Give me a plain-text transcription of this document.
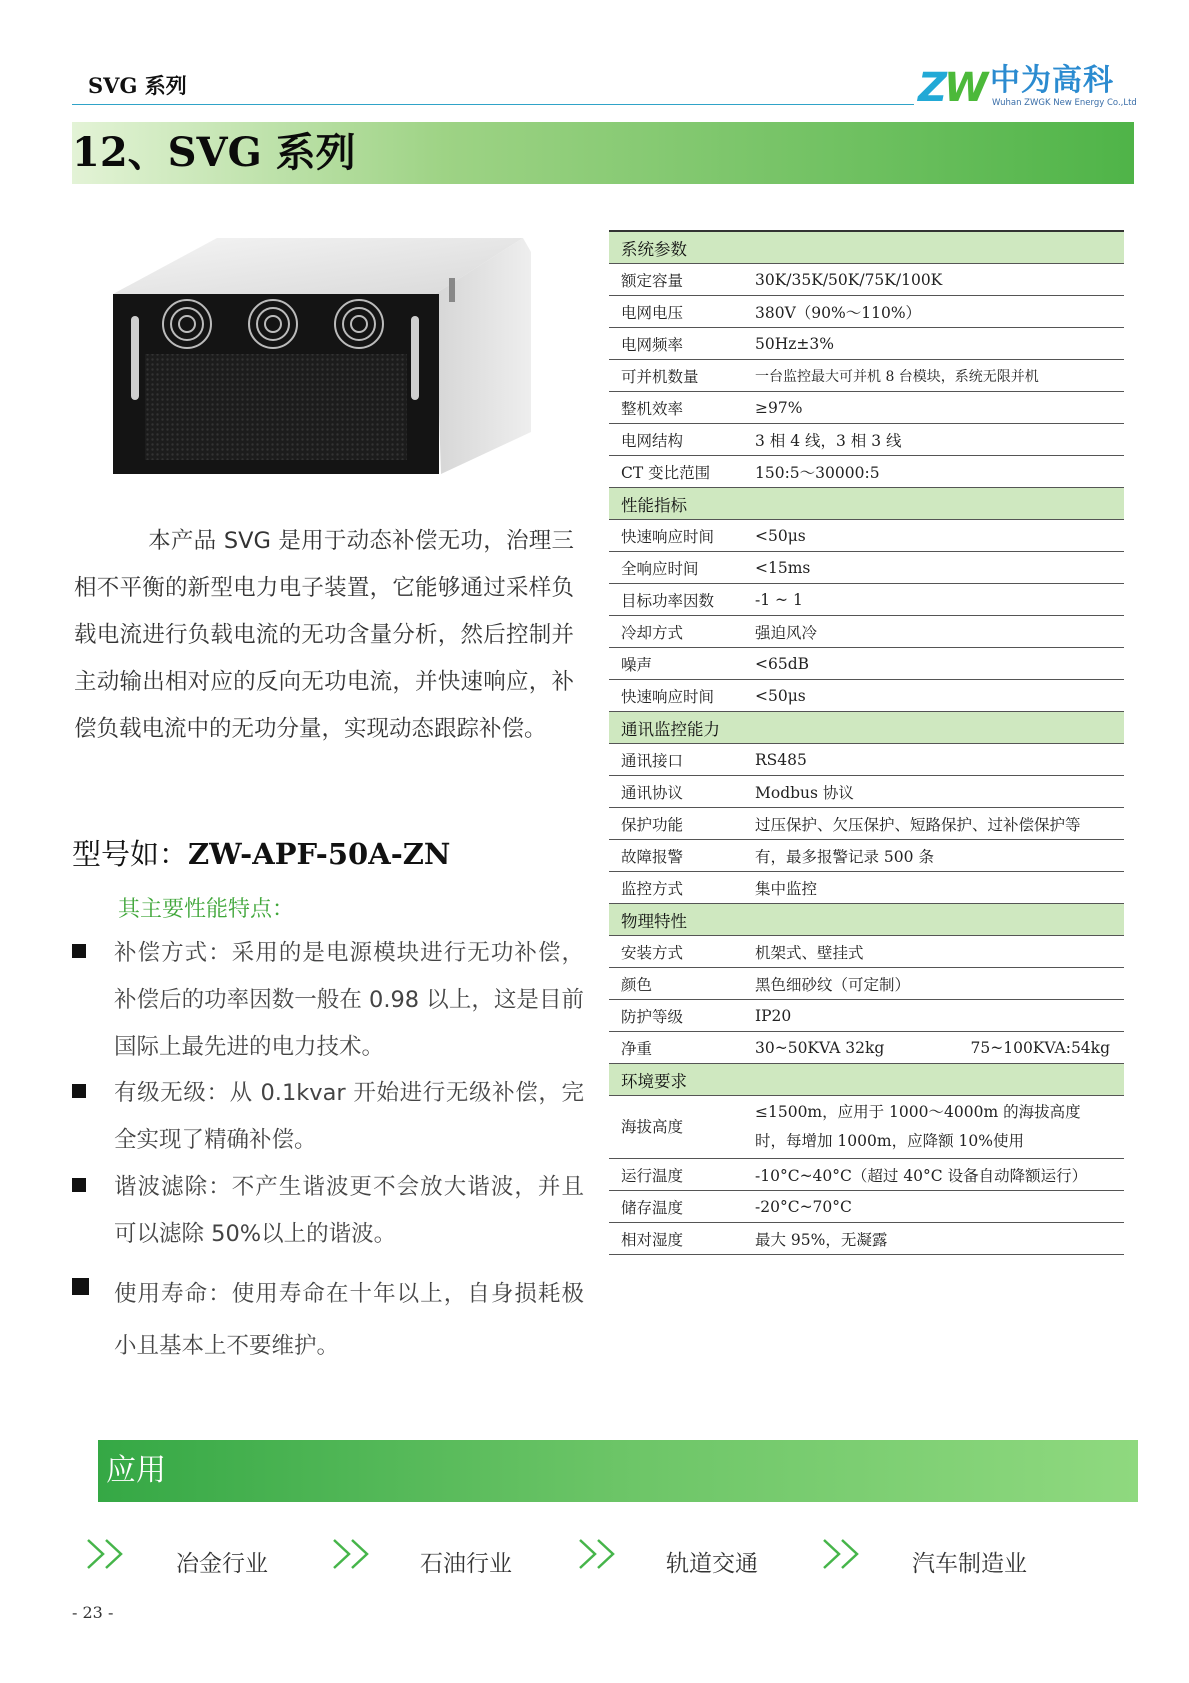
SVG 系列	ZW 中为高科
Wuhan ZWGK New Energy Co.,Ltd
12、SVG 系列
本产品 SVG 是用于动态补偿无功，治理三相不平衡的新型电力电子装置，它能够通过采样负载电流进行负载电流的无功含量分析，然后控制并主动输出相对应的反向无功电流，并快速响应，补偿负载电流中的无功分量，实现动态跟踪补偿。
型号如：ZW-APF-50A-ZN
其主要性能特点：
补偿方式：采用的是电源模块进行无功补偿，补偿后的功率因数一般在 0.98 以上，这是目前国际上最先进的电力技术。
有级无级：从 0.1kvar 开始进行无级补偿，完全实现了精确补偿。
谐波滤除：不产生谐波更不会放大谐波，并且可以滤除 50%以上的谐波。
使用寿命：使用寿命在十年以上，自身损耗极小且基本上不要维护。
系统参数	
额定容量	30K/35K/50K/75K/100K
电网电压	380V（90%～110%）
电网频率	50Hz±3%
可并机数量	一台监控最大可并机 8 台模块，系统无限并机
整机效率	≥97%
电网结构	3 相 4 线，3 相 3 线
CT 变比范围	150:5～30000:5
性能指标	
快速响应时间	<50μs
全响应时间	<15ms
目标功率因数	-1 ~ 1
冷却方式	强迫风冷
噪声	<65dB
快速响应时间	<50μs
通讯监控能力	
通讯接口	RS485
通讯协议	Modbus 协议
保护功能	过压保护、欠压保护、短路保护、过补偿保护等
故障报警	有，最多报警记录 500 条
监控方式	集中监控
物理特性	
安装方式	机架式、壁挂式
颜色	黑色细砂纹（可定制）
防护等级	IP20
净重	30~50KVA 32kg 75~100KVA:54kg

环境要求	
海拔高度	≤1500m，应用于 1000～4000m 的海拔高度
时，每增加 1000m，应降额 10%使用

运行温度	-10°C~40°C（超过 40°C 设备自动降额运行）
储存温度	-20°C~70°C
相对湿度	最大 95%，无凝露
应用
冶金行业	石油行业	轨道交通	汽车制造业
- 23 -
